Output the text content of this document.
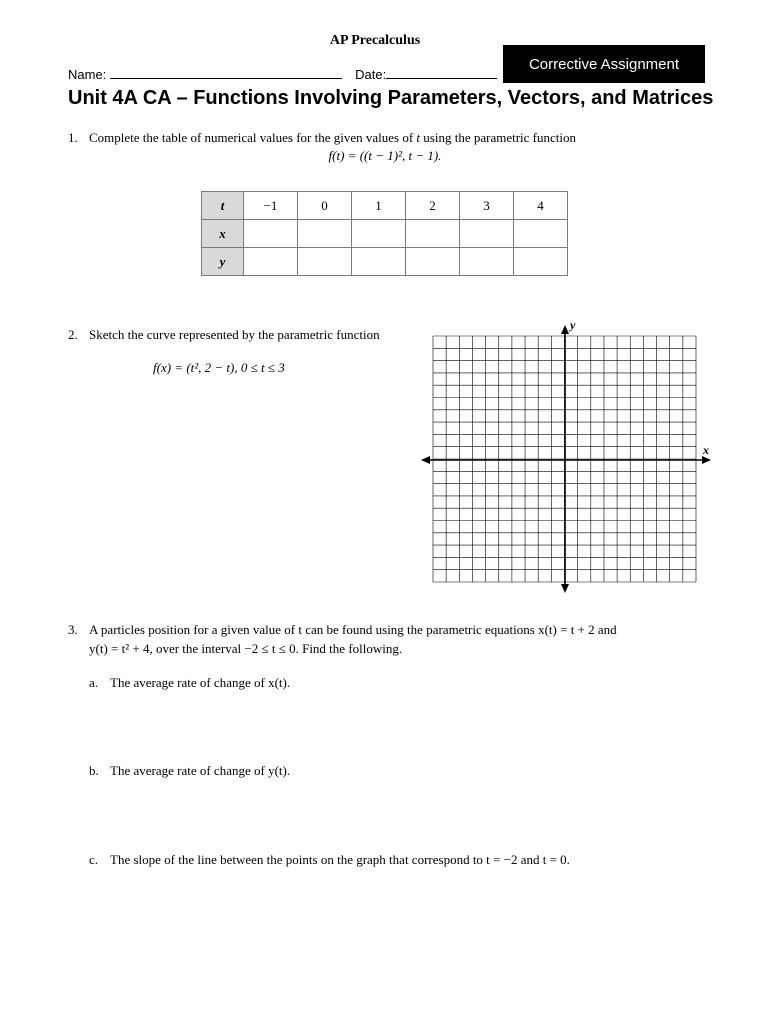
AP Precalculus
Corrective Assignment
Name:	Date:
Unit 4A CA – Functions Involving Parameters, Vectors, and Matrices
1. Complete the table of numerical values for the given values of t using the parametric function
f(t) = ((t − 1)², t − 1).
t	−1	0	1	2	3	4
x						
y						
2. Sketch the curve represented by the parametric function
f(x) = (t², 2 − t), 0 ≤ t ≤ 3
x
y
3. A particles position for a given value of t can be found using the parametric equations x(t) = t + 2 and
y(t) = t² + 4, over the interval −2 ≤ t ≤ 0. Find the following.
a. The average rate of change of x(t).
b. The average rate of change of y(t).
c. The slope of the line between the points on the graph that correspond to t = −2 and t = 0.
